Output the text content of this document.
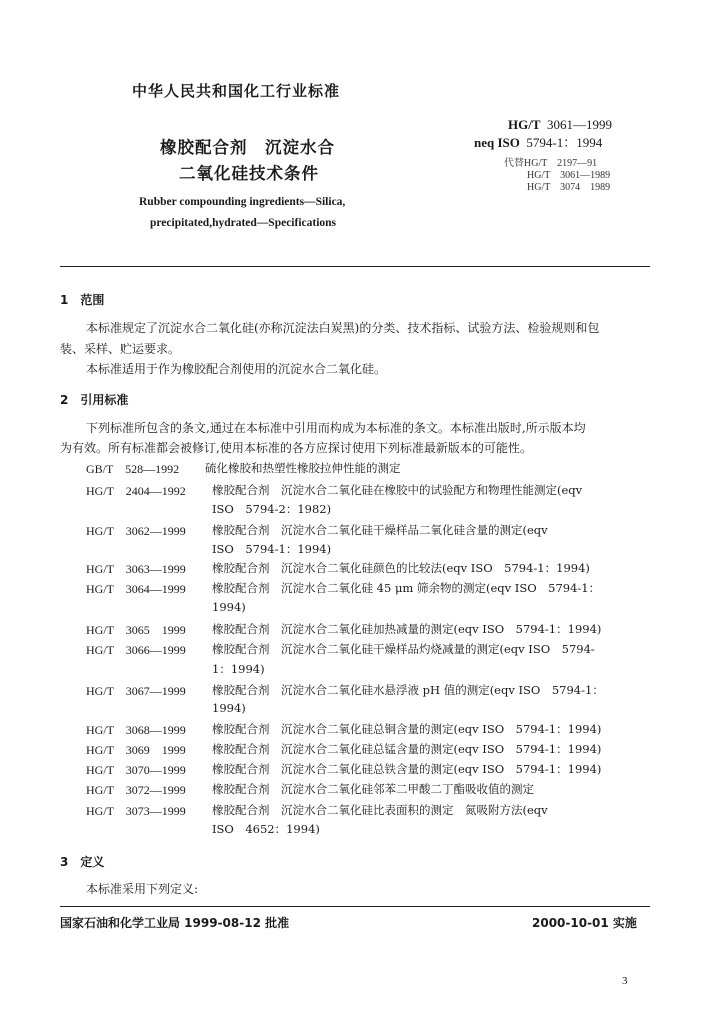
中华人民共和国化工行业标准
橡胶配合剂　沉淀水合
二氧化硅技术条件
HG/T 3061—1999
neq ISO 5794-1：1994
代替HG/T　2197—91
HG/T　3061—1989
HG/T　3074　1989
Rubber compounding ingredients—Silica,
precipitated,hydrated—Specifications
1　范围
本标准规定了沉淀水合二氧化硅(亦称沉淀法白炭黑)的分类、技术指标、试验方法、检验规则和包
装、采样、贮运要求。
本标准适用于作为橡胶配合剂使用的沉淀水合二氧化硅。
2　引用标准
下列标准所包含的条文,通过在本标准中引用而构成为本标准的条文。本标准出版时,所示版本均
为有效。所有标准都会被修订,使用本标准的各方应探讨使用下列标准最新版本的可能性。
GB/T　528—1992 硫化橡胶和热塑性橡胶拉伸性能的测定
HG/T　2404—1992 橡胶配合剂　沉淀水合二氧化硅在橡胶中的试验配方和物理性能测定(eqv
ISO　5794-2：1982)
HG/T　3062—1999 橡胶配合剂　沉淀水合二氧化硅干燥样品二氧化硅含量的测定(eqv
ISO　5794-1：1994)
HG/T　3063—1999 橡胶配合剂　沉淀水合二氧化硅颜色的比较法(eqv ISO　5794-1：1994)
HG/T　3064—1999 橡胶配合剂　沉淀水合二氧化硅 45 μm 筛余物的测定(eqv ISO　5794-1：
1994)
HG/T　3065　1999 橡胶配合剂　沉淀水合二氧化硅加热减量的测定(eqv ISO　5794-1：1994)
HG/T　3066—1999 橡胶配合剂　沉淀水合二氧化硅干燥样品灼烧减量的测定(eqv ISO　5794-
1：1994)
HG/T　3067—1999 橡胶配合剂　沉淀水合二氧化硅水悬浮液 pH 值的测定(eqv ISO　5794-1：
1994)
HG/T　3068—1999 橡胶配合剂　沉淀水合二氧化硅总铜含量的测定(eqv ISO　5794-1：1994)
HG/T　3069　1999 橡胶配合剂　沉淀水合二氧化硅总锰含量的测定(eqv ISO　5794-1：1994)
HG/T　3070—1999 橡胶配合剂　沉淀水合二氧化硅总铁含量的测定(eqv ISO　5794-1：1994)
HG/T　3072—1999 橡胶配合剂　沉淀水合二氧化硅邻苯二甲酸二丁酯吸收值的测定
HG/T　3073—1999 橡胶配合剂　沉淀水合二氧化硅比表面积的测定　氮吸附方法(eqv
ISO　4652：1994)
3　定义
本标准采用下列定义:
国家石油和化学工业局 1999-08-12 批准	2000-10-01 实施
3
